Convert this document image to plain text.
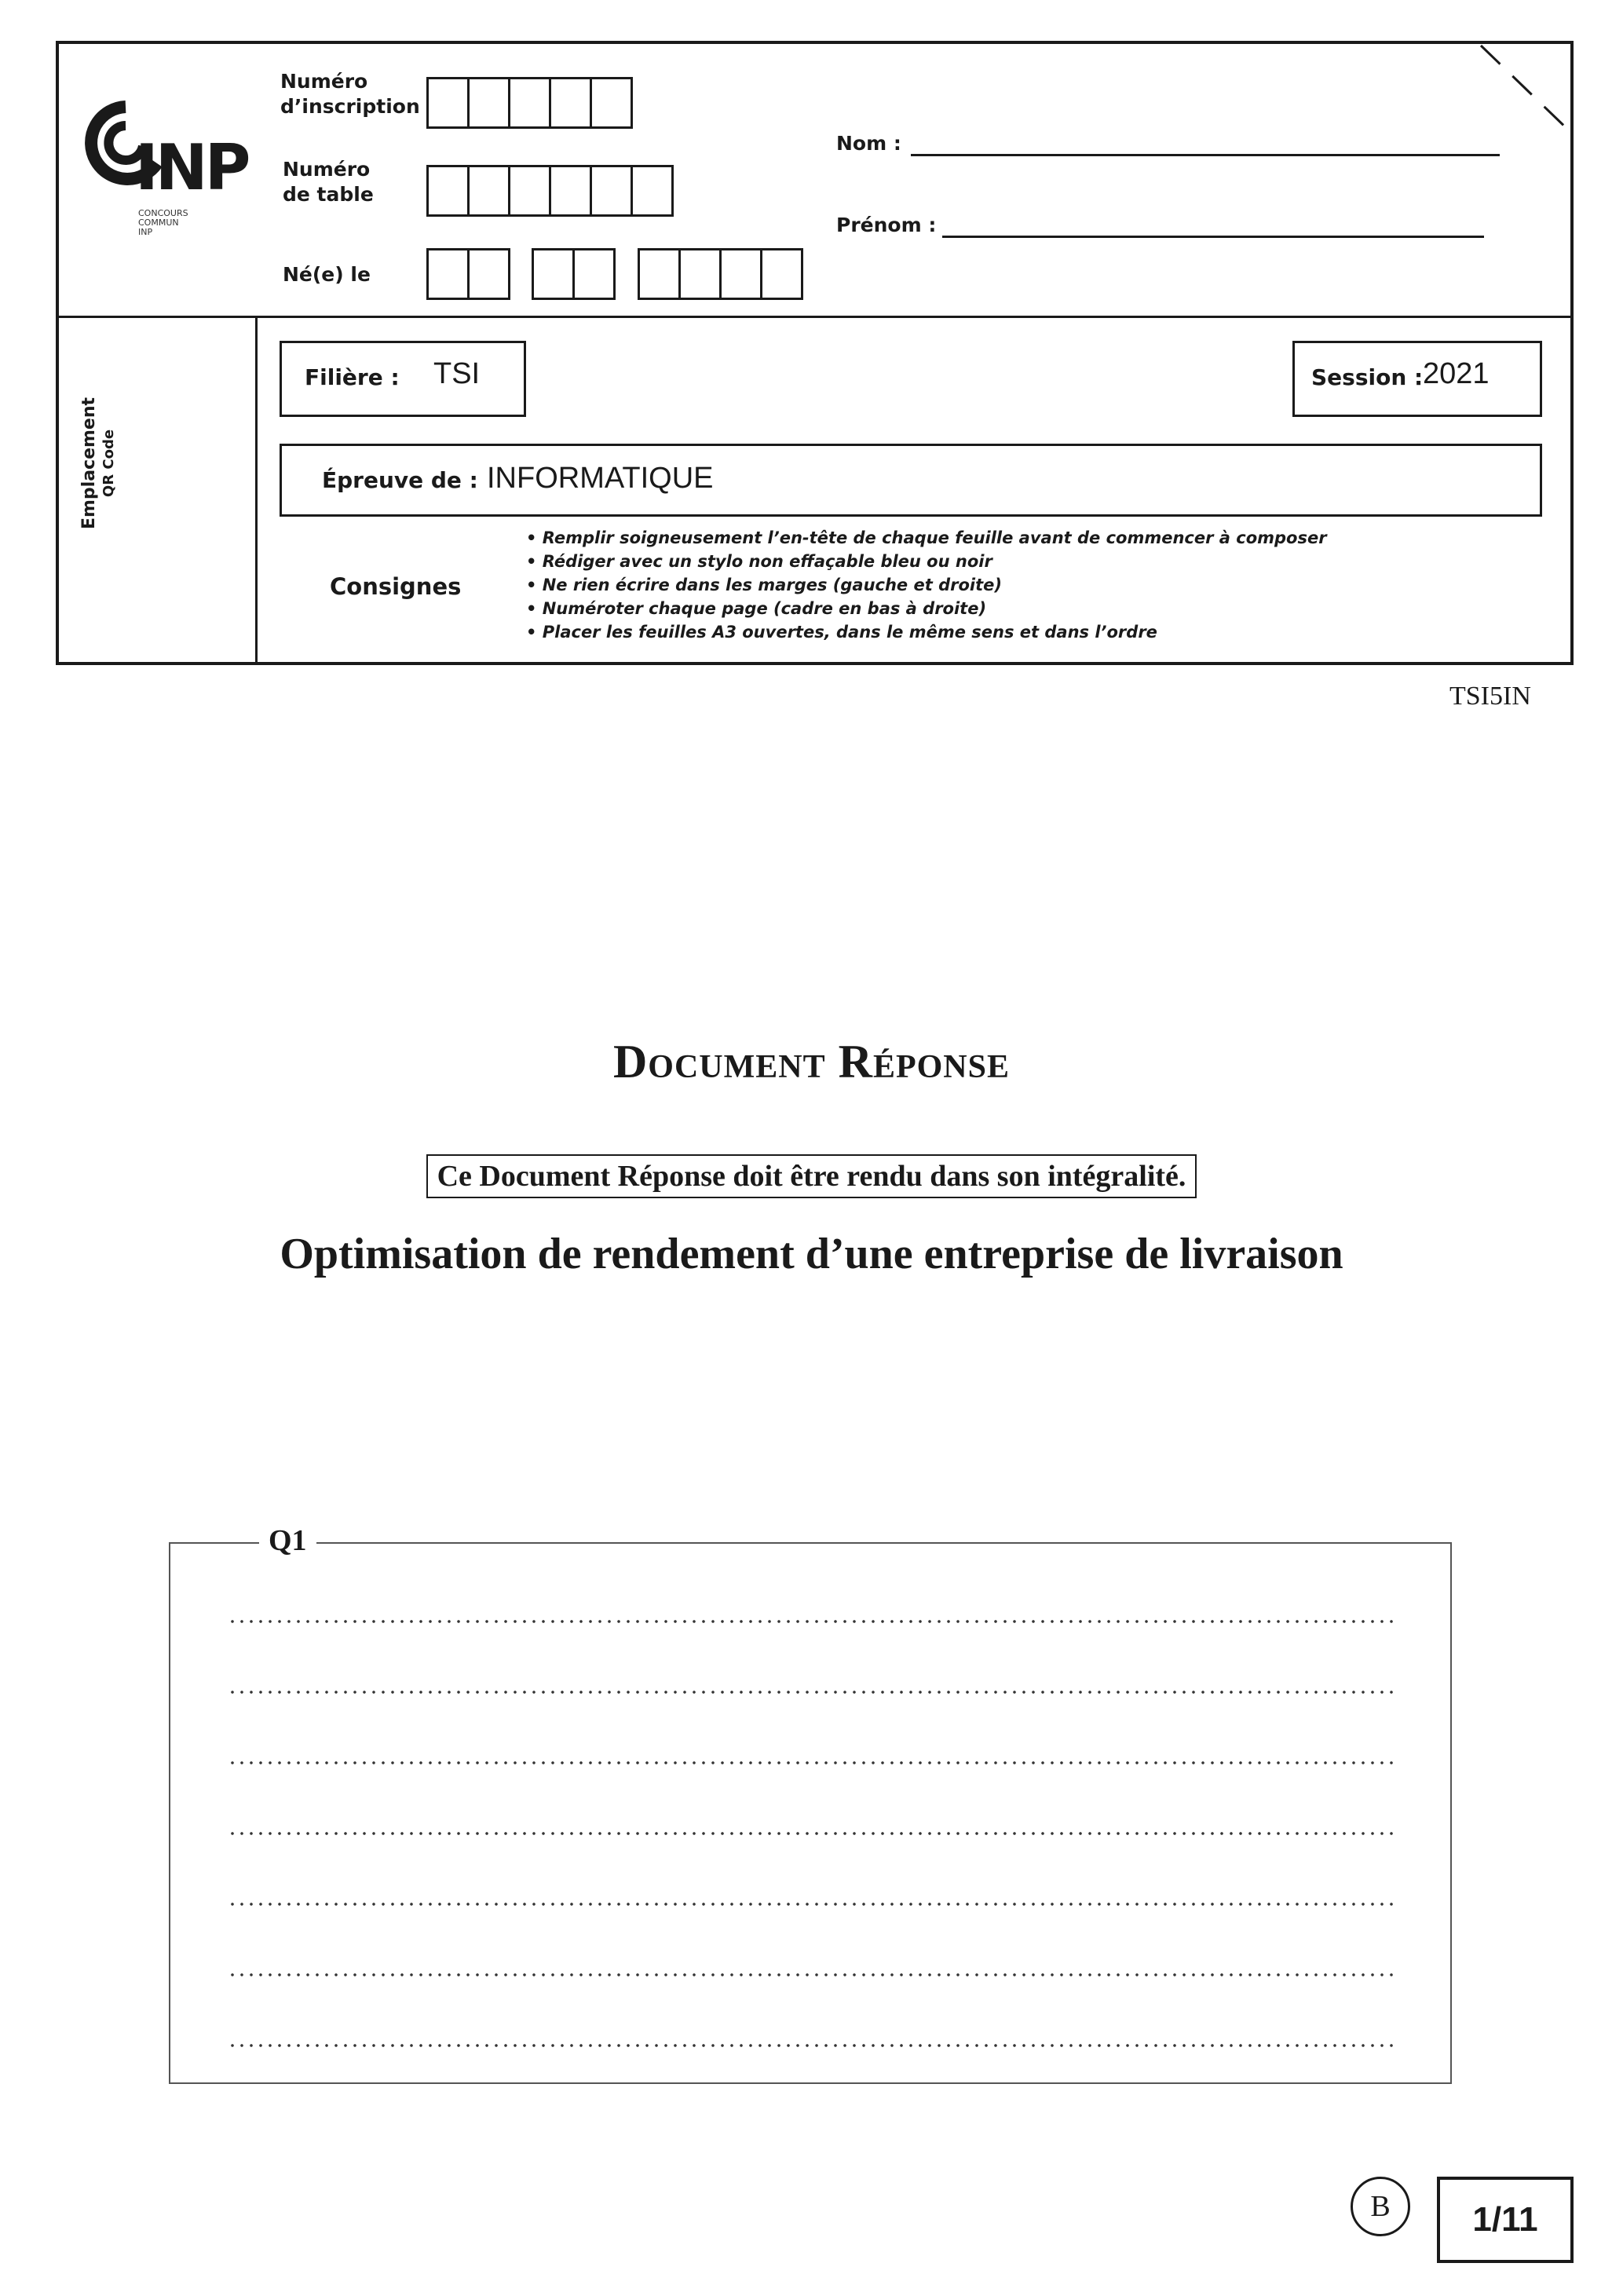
INP
CONCOURS
COMMUN
INP
Numéro
d’inscription
Numéro
de table
Né(e) le
Nom :
Prénom :
Emplacement QR Code
Filière : TSI	Session : 2021
Épreuve de : INFORMATIQUE
Consignes
• Remplir soigneusement l’en-tête de chaque feuille avant de commencer à composer
• Rédiger avec un stylo non effaçable bleu ou noir
• Ne rien écrire dans les marges (gauche et droite)
• Numéroter chaque page (cadre en bas à droite)
• Placer les feuilles A3 ouvertes, dans le même sens et dans l’ordre
TSI5IN
Document Réponse
Ce Document Réponse doit être rendu dans son intégralité.
Optimisation de rendement d’une entreprise de livraison
Q1
B	1/11
